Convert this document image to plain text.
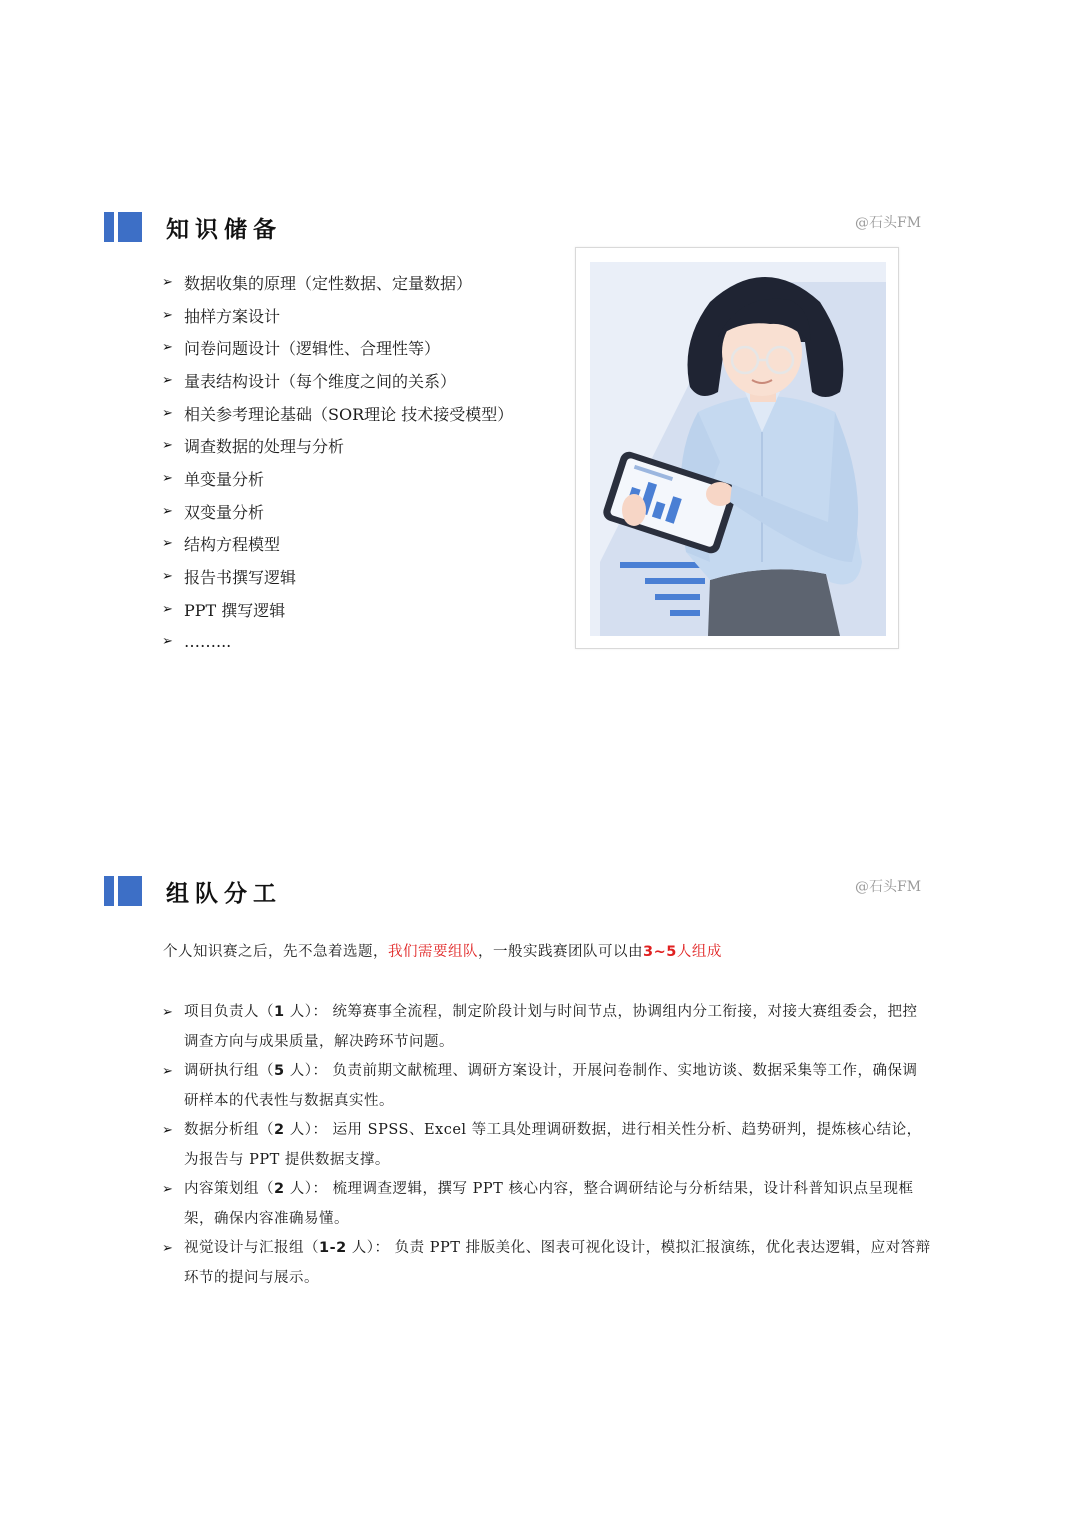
知识储备	@石头FM
➢ 数据收集的原理（定性数据、定量数据）
➢ 抽样方案设计
➢ 问卷问题设计（逻辑性、合理性等）
➢ 量表结构设计（每个维度之间的关系）
➢ 相关参考理论基础（SOR理论 技术接受模型）
➢ 调查数据的处理与分析
➢ 单变量分析
➢ 双变量分析
➢ 结构方程模型
➢ 报告书撰写逻辑
➢ PPT 撰写逻辑
➢ ……...
组队分工	@石头FM
个人知识赛之后，先不急着选题，我们需要组队，一般实践赛团队可以由3~5人组成
➢ 项目负责人（1 人）： 统筹赛事全流程，制定阶段计划与时间节点，协调组内分工衔接，对接大赛组委会，把控调查方向与成果质量，解决跨环节问题。
➢ 调研执行组（5 人）： 负责前期文献梳理、调研方案设计，开展问卷制作、实地访谈、数据采集等工作，确保调研样本的代表性与数据真实性。
➢ 数据分析组（2 人）： 运用 SPSS、Excel 等工具处理调研数据，进行相关性分析、趋势研判，提炼核心结论，为报告与 PPT 提供数据支撑。
➢ 内容策划组（2 人）： 梳理调查逻辑，撰写 PPT 核心内容，整合调研结论与分析结果，设计科普知识点呈现框架，确保内容准确易懂。
➢ 视觉设计与汇报组（1-2 人）： 负责 PPT 排版美化、图表可视化设计，模拟汇报演练，优化表达逻辑，应对答辩环节的提问与展示。
